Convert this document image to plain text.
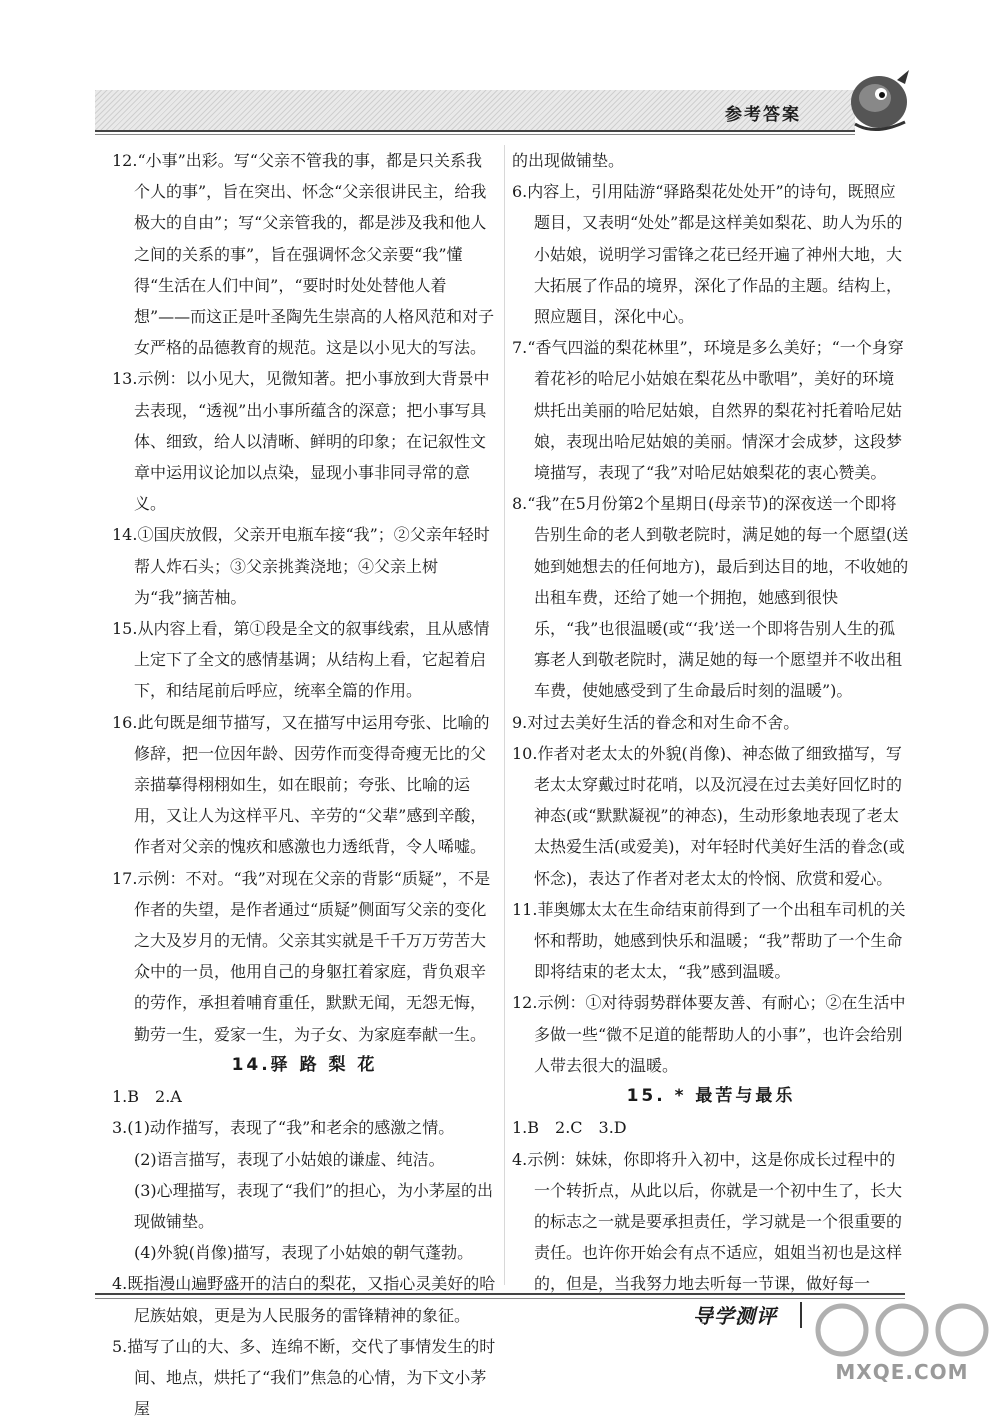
参考答案

12.“小事”出彩。写“父亲不管我的事，都是只关系我个人的事”，旨在突出、怀念“父亲很讲民主，给我极大的自由”；写“父亲管我的，都是涉及我和他人之间的关系的事”，旨在强调怀念父亲要“我”懂得“生活在人们中间”，“要时时处处替他人着想”——而这正是叶圣陶先生崇高的人格风范和对子女严格的品德教育的规范。这是以小见大的写法。

13.示例：以小见大，见微知著。把小事放到大背景中去表现，“透视”出小事所蕴含的深意；把小事写具体、细致，给人以清晰、鲜明的印象；在记叙性文章中运用议论加以点染，显现小事非同寻常的意义。

14.①国庆放假，父亲开电瓶车接“我”；②父亲年轻时帮人炸石头；③父亲挑粪浇地；④父亲上树为“我”摘苦柚。

15.从内容上看，第①段是全文的叙事线索，且从感情上定下了全文的感情基调；从结构上看，它起着启下，和结尾前后呼应，统率全篇的作用。

16.此句既是细节描写，又在描写中运用夸张、比喻的修辞，把一位因年龄、因劳作而变得奇瘦无比的父亲描摹得栩栩如生，如在眼前；夸张、比喻的运用，又让人为这样平凡、辛劳的“父辈”感到辛酸，作者对父亲的愧疚和感激也力透纸背，令人唏嘘。

17.示例：不对。“我”对现在父亲的背影“质疑”，不是作者的失望，是作者通过“质疑”侧面写父亲的变化之大及岁月的无情。父亲其实就是千千万万劳苦大众中的一员，他用自己的身躯扛着家庭，背负艰辛的劳作，承担着哺育重任，默默无闻，无怨无悔，勤劳一生，爱家一生，为子女、为家庭奉献一生。

14.驿 路 梨 花

1.B　2.A

3.(1)动作描写，表现了“我”和老余的感激之情。

(2)语言描写，表现了小姑娘的谦虚、纯洁。

(3)心理描写，表现了“我们”的担心，为小茅屋的出现做铺垫。

(4)外貌(肖像)描写，表现了小姑娘的朝气蓬勃。

4.既指漫山遍野盛开的洁白的梨花，又指心灵美好的哈尼族姑娘，更是为人民服务的雷锋精神的象征。

5.描写了山的大、多、连绵不断，交代了事情发生的时间、地点，烘托了“我们”焦急的心情，为下文小茅屋

的出现做铺垫。

6.内容上，引用陆游“驿路梨花处处开”的诗句，既照应题目，又表明“处处”都是这样美如梨花、助人为乐的小姑娘，说明学习雷锋之花已经开遍了神州大地，大大拓展了作品的境界，深化了作品的主题。结构上，照应题目，深化中心。

7.“香气四溢的梨花林里”，环境是多么美好；“一个身穿着花衫的哈尼小姑娘在梨花丛中歌唱”，美好的环境烘托出美丽的哈尼姑娘，自然界的梨花衬托着哈尼姑娘，表现出哈尼姑娘的美丽。情深才会成梦，这段梦境描写，表现了“我”对哈尼姑娘梨花的衷心赞美。

8.“我”在5月份第2个星期日(母亲节)的深夜送一个即将告别生命的老人到敬老院时，满足她的每一个愿望(送她到她想去的任何地方)，最后到达目的地，不收她的出租车费，还给了她一个拥抱，她感到很快乐，“我”也很温暖(或“‘我’送一个即将告别人生的孤寡老人到敬老院时，满足她的每一个愿望并不收出租车费，使她感受到了生命最后时刻的温暖”)。

9.对过去美好生活的眷念和对生命不舍。

10.作者对老太太的外貌(肖像)、神态做了细致描写，写老太太穿戴过时花哨，以及沉浸在过去美好回忆时的神态(或“默默凝视”的神态)，生动形象地表现了老太太热爱生活(或爱美)，对年轻时代美好生活的眷念(或怀念)，表达了作者对老太太的怜悯、欣赏和爱心。

11.菲奥娜太太在生命结束前得到了一个出租车司机的关怀和帮助，她感到快乐和温暖；“我”帮助了一个生命即将结束的老太太，“我”感到温暖。

12.示例：①对待弱势群体要友善、有耐心；②在生活中多做一些“微不足道的能帮助人的小事”，也许会给别人带去很大的温暖。

15. * 最苦与最乐

1.B　2.C　3.D

4.示例：妹妹，你即将升入初中，这是你成长过程中的一个转折点，从此以后，你就是一个初中生了，长大的标志之一就是要承担责任，学习就是一个很重要的责任。也许你开始会有点不适应，姐姐当初也是这样的，但是，当我努力地去听每一节课，做好每一

导学测评
MXQE.COM
